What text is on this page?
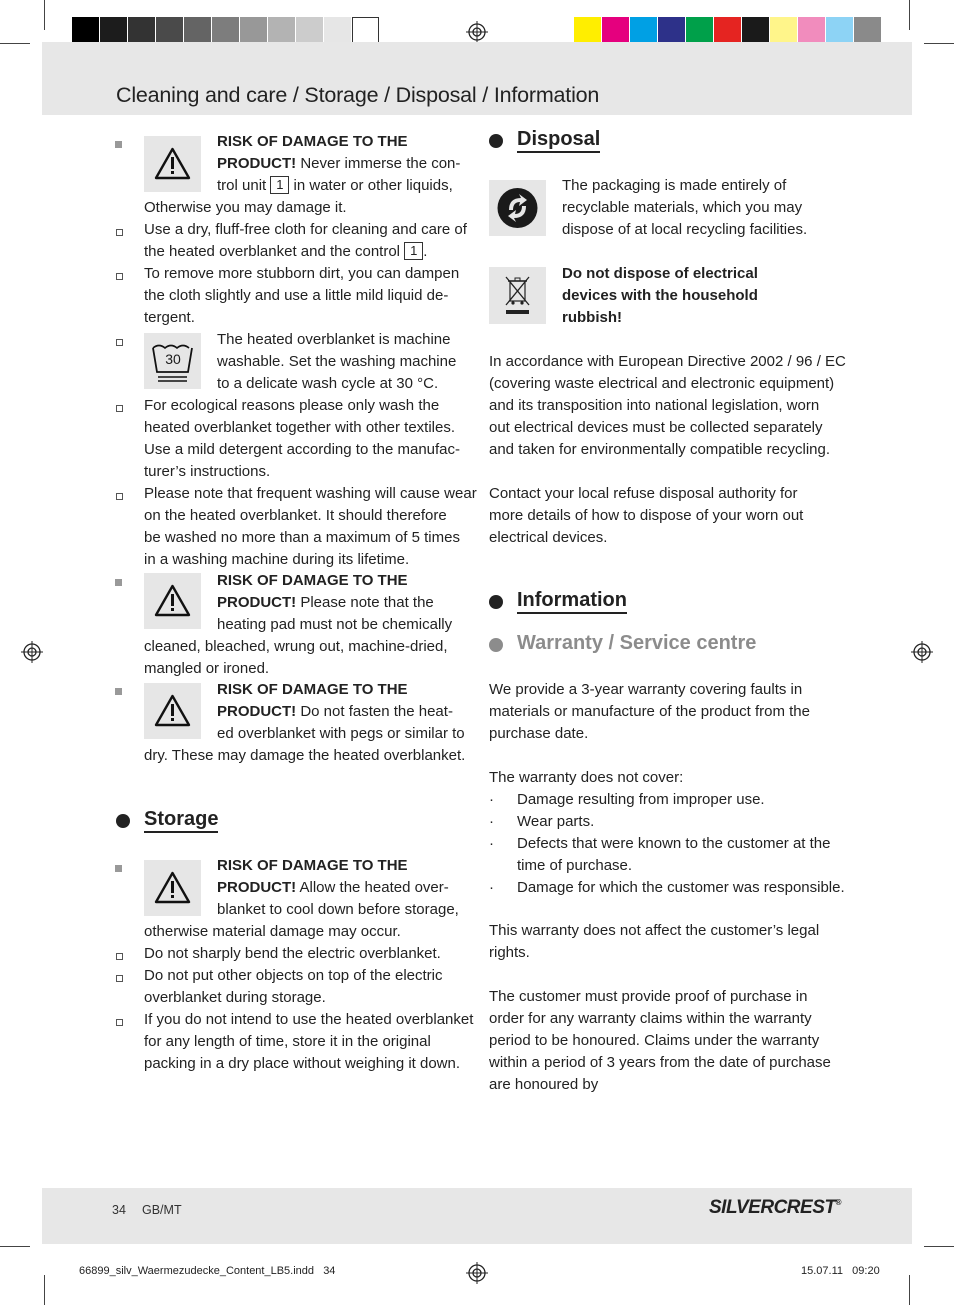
Cleaning and care / Storage / Disposal / Information
RISK OF DAMAGE TO THE
PRODUCT! Never immerse the con-
trol unit 1 in water or other liquids,
Otherwise you may damage it.
Use a dry, fluff-free cloth for cleaning and care of
the heated overblanket and the control 1 .
To remove more stubborn dirt, you can dampen
the cloth slightly and use a little mild liquid de-
tergent.
30
The heated overblanket is machine
washable. Set the washing machine
to a delicate wash cycle at 30 °C.
For ecological reasons please only wash the
heated overblanket together with other textiles.
Use a mild detergent according to the manufac-
turer’s instructions.
Please note that frequent washing will cause wear
on the heated overblanket. It should therefore
be washed no more than a maximum of 5 times
in a washing machine during its lifetime.
RISK OF DAMAGE TO THE
PRODUCT! Please note that the
heating pad must not be chemically
cleaned, bleached, wrung out, machine-dried,
mangled or ironed.
RISK OF DAMAGE TO THE
PRODUCT! Do not fasten the heat-
ed overblanket with pegs or similar to
dry. These may damage the heated overblanket.
Storage
RISK OF DAMAGE TO THE
PRODUCT! Allow the heated over-
blanket to cool down before storage,
otherwise material damage may occur.
Do not sharply bend the electric overblanket.
Do not put other objects on top of the electric
overblanket during storage.
If you do not intend to use the heated overblanket
for any length of time, store it in the original
packing in a dry place without weighing it down.
Disposal
The packaging is made entirely of
recyclable materials, which you may
dispose of at local recycling facilities.
Do not dispose of electrical
devices with the household
rubbish!
In accordance with European Directive 2002 / 96 / EC
(covering waste electrical and electronic equipment)
and its transposition into national legislation, worn
out electrical devices must be collected separately
and taken for environmentally compatible recycling.
Contact your local refuse disposal authority for
more details of how to dispose of your worn out
electrical devices.
Information
Warranty / Service centre
We provide a 3-year warranty covering faults in
materials or manufacture of the product from the
purchase date.
The warranty does not cover:
· Damage resulting from improper use.
· Wear parts.
· Defects that were known to the customer at the
time of purchase.
· Damage for which the customer was responsible.
This warranty does not affect the customer’s legal
rights.
The customer must provide proof of purchase in
order for any warranty claims within the warranty
period to be honoured. Claims under the warranty
within a period of 3 years from the date of purchase
are honoured by
34 GB/MT	SILVERCREST®
66899_silv_Waermezudecke_Content_LB5.indd   34	15.07.11   09:20
